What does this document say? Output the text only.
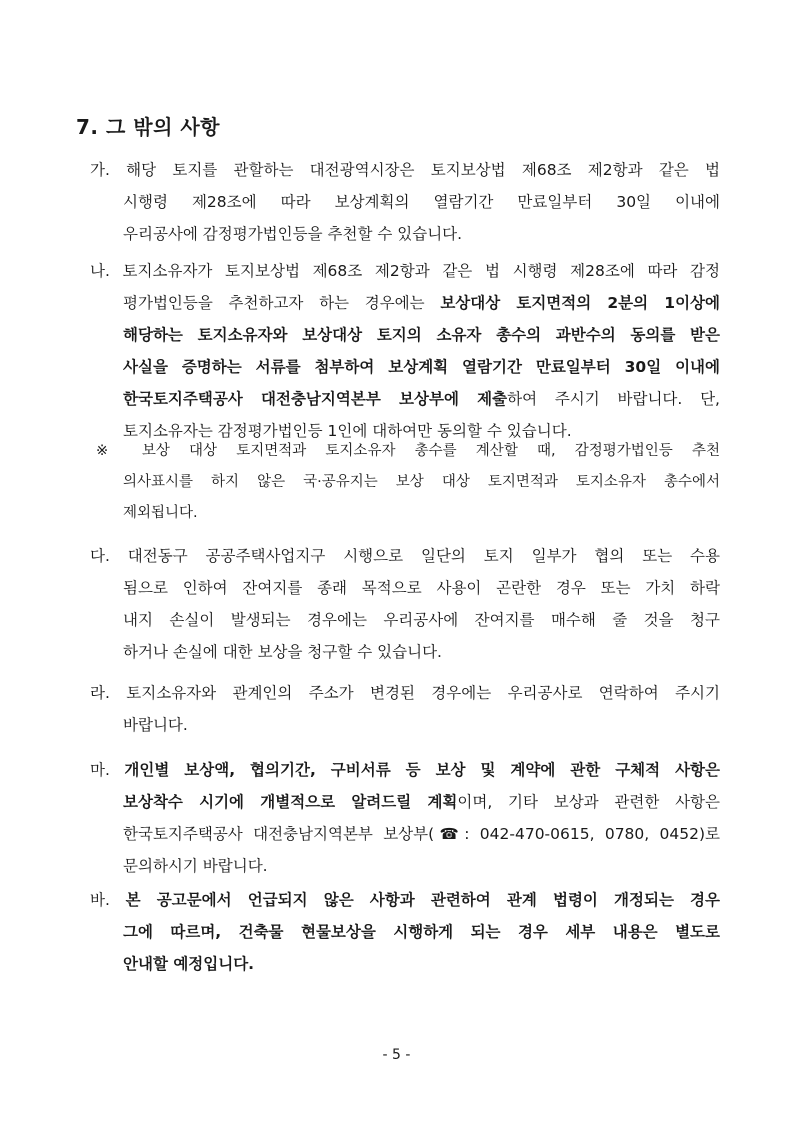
7. 그 밖의 사항
가. 해당 토지를 관할하는 대전광역시장은 토지보상법 제68조 제2항과 같은 법
시행령 제28조에 따라 보상계획의 열람기간 만료일부터 30일 이내에
우리공사에 감정평가법인등을 추천할 수 있습니다.
나. 토지소유자가 토지보상법 제68조 제2항과 같은 법 시행령 제28조에 따라 감정
평가법인등을 추천하고자 하는 경우에는 보상대상 토지면적의 2분의 1이상에
해당하는 토지소유자와 보상대상 토지의 소유자 총수의 과반수의 동의를 받은
사실을 증명하는 서류를 첨부하여 보상계획 열람기간 만료일부터 30일 이내에
한국토지주택공사 대전충남지역본부 보상부에 제출하여 주시기 바랍니다. 단,
토지소유자는 감정평가법인등 1인에 대하여만 동의할 수 있습니다.
※ 보상 대상 토지면적과 토지소유자 총수를 계산할 때, 감정평가법인등 추천
의사표시를 하지 않은 국·공유지는 보상 대상 토지면적과 토지소유자 총수에서
제외됩니다.
다. 대전동구 공공주택사업지구 시행으로 일단의 토지 일부가 협의 또는 수용
됨으로 인하여 잔여지를 종래 목적으로 사용이 곤란한 경우 또는 가치 하락
내지 손실이 발생되는 경우에는 우리공사에 잔여지를 매수해 줄 것을 청구
하거나 손실에 대한 보상을 청구할 수 있습니다.
라. 토지소유자와 관계인의 주소가 변경된 경우에는 우리공사로 연락하여 주시기
바랍니다.
마. 개인별 보상액, 협의기간, 구비서류 등 보상 및 계약에 관한 구체적 사항은
보상착수 시기에 개별적으로 알려드릴 계획이며, 기타 보상과 관련한 사항은
한국토지주택공사 대전충남지역본부 보상부(☎: 042-470-0615, 0780, 0452)로
문의하시기 바랍니다.
바. 본 공고문에서 언급되지 않은 사항과 관련하여 관계 법령이 개정되는 경우
그에 따르며, 건축물 현물보상을 시행하게 되는 경우 세부 내용은 별도로
안내할 예정입니다.
- 5 -
